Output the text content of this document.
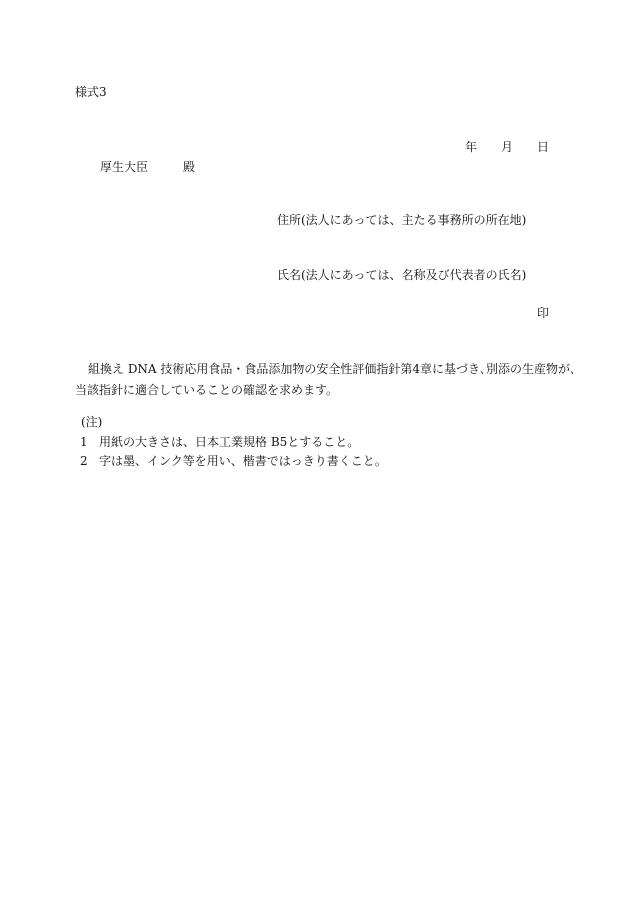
様式3
年 月 日
厚生大臣	殿
住所(法人にあっては、主たる事務所の所在地)
氏名(法人にあっては、名称及び代表者の氏名)
印
組換え DNA 技術応用食品・食品添加物の安全性評価指針第4章に基づき､別添の生産物が､
当該指針に適合していることの確認を求めます。
(注)
1 用紙の大きさは、日本工業規格 B5とすること。
2 字は墨、インク等を用い、楷書ではっきり書くこと。
